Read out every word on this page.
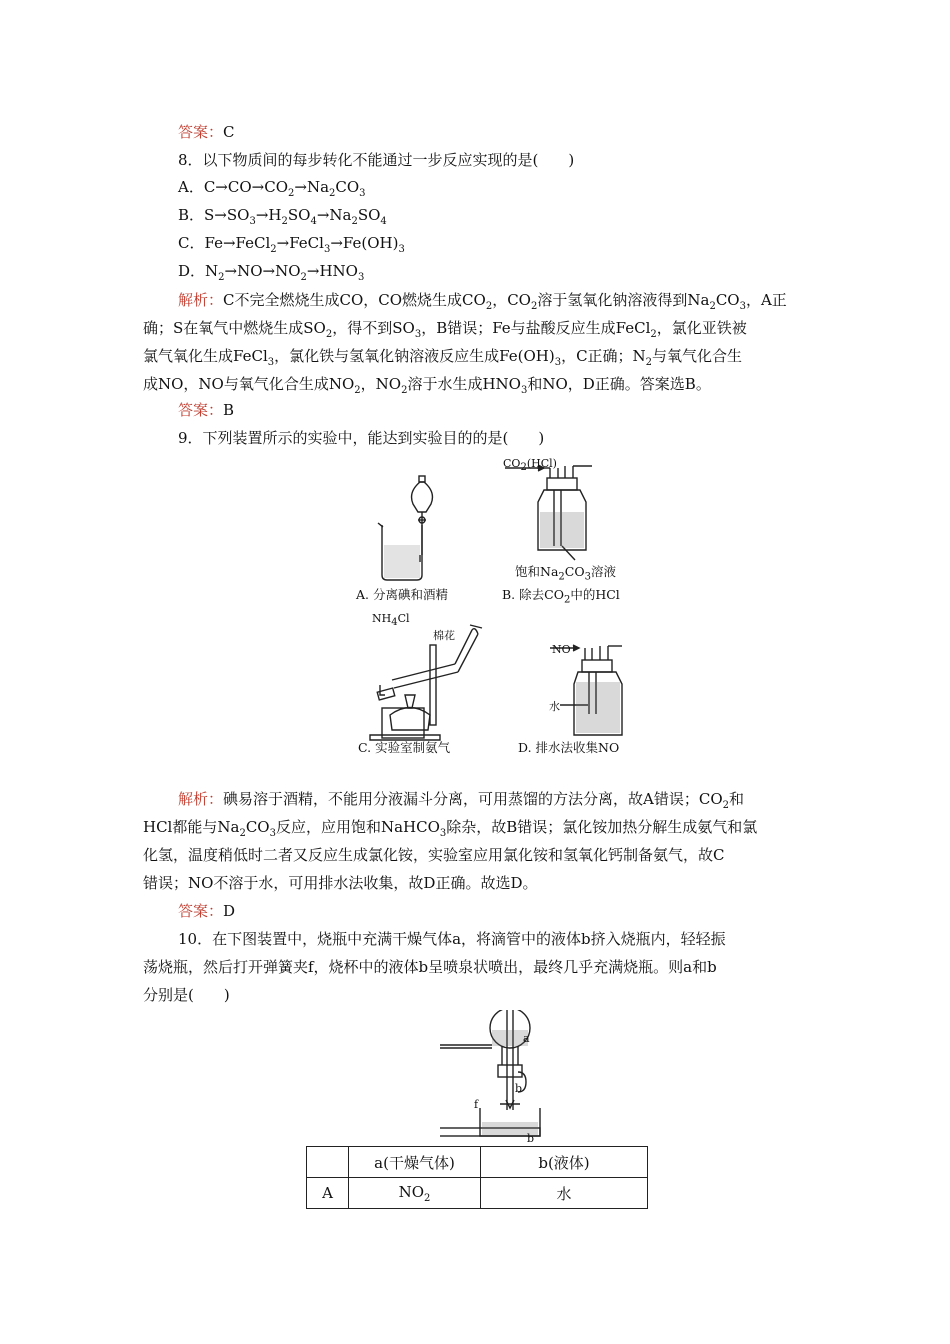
答案：C
8．以下物质间的每步转化不能通过一步反应实现的是(　　)
A．$C\to CO\to CO_2\to Na_2CO_3$
B．$S\to SO_3\to H_2SO_4\to Na_2SO_4$
C．$Fe\to FeCl_2\to FeCl_3\to Fe(OH)_3$
D．$N_2\to NO\to NO_2\to HNO_3$
解析：C不完全燃烧生成CO，CO燃烧生成$CO_2$，$CO_2$溶于氢氧化钠溶液得到$Na_2CO_3$，A正
确；S在氧气中燃烧生成$SO_2$，得不到$SO_3$，B错误；Fe与盐酸反应生成FeCl$_2$，氯化亚铁被
氯气氧化生成FeCl$_3$，氯化铁与氢氧化钠溶液反应生成$Fe(OH)_3$，C正确；$N_2$与氧气化合生
成NO，NO与氧气化合生成$NO_2$，$NO_2$溶于水生成$HNO_3$和NO，D正确。答案选B。
答案：B
9．下列装置所示的实验中，能达到实验目的的是(　　)
A. 分离碘和酒精
$CO_2(HCl)$
饱和$Na_2CO_3$溶液
B. 除去$CO_2$中的HCl
$NH_4Cl$
棉花
NO
水
C. 实验室制氨气	D. 排水法收集NO
解析：碘易溶于酒精，不能用分液漏斗分离，可用蒸馏的方法分离，故A错误；$CO_2$和
HCl都能与$Na_2CO_3$反应，应用饱和NaHCO$_3$除杂，故B错误；氯化铵加热分解生成氨气和氯
化氢，温度稍低时二者又反应生成氯化铵，实验室应用氯化铵和氢氧化钙制备氨气，故C
错误；NO不溶于水，可用排水法收集，故D正确。故选D。
答案：D
10．在下图装置中，烧瓶中充满干燥气体a，将滴管中的液体b挤入烧瓶内，轻轻振
荡烧瓶，然后打开弹簧夹f，烧杯中的液体b呈喷泉状喷出，最终几乎充满烧瓶。则a和b
分别是(　　)
a
b
f
b
	a(干燥气体)	b(液体)
A	$NO_2$	水
